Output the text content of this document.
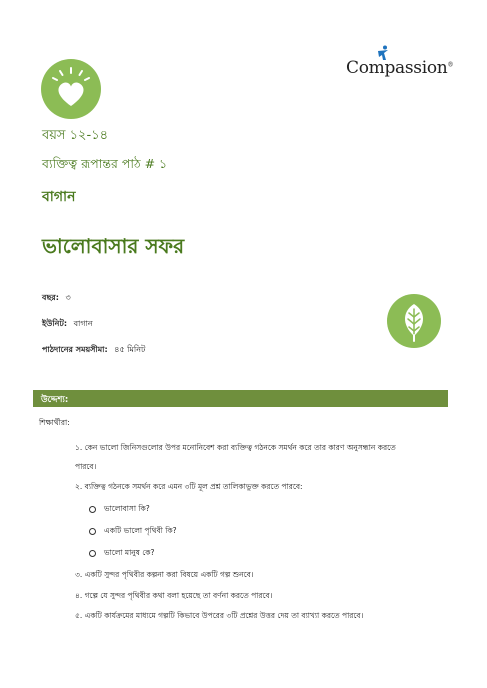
Compassion®
বয়স ১২-১৪
ব্যক্তিত্ব রূপান্তর পাঠ # ১
বাগান
ভালোবাসার সফর
বছর: ৩
ইউনিট: বাগান
পাঠদানের সময়সীমা: ৪৫ মিনিট
উদ্দেশ্য:
শিক্ষার্থীরা:
১. কেন ভালো জিনিসগুলোর উপর মনোনিবেশ করা ব্যক্তিত্ব গঠনকে সমর্থন করে তার কারণ অনুসন্ধান করতে
পারবে।
২. ব্যক্তিত্ব গঠনকে সমর্থন করে এমন ৩টি মূল প্রশ্ন তালিকাভুক্ত করতে পারবে:
ভালোবাসা কি?
একটি ভালো পৃথিবী কি?
ভালো মানুষ কে?
৩. একটি সুন্দর পৃথিবীর কল্পনা করা বিষয়ে একটি গল্প শুনবে।
৪. গল্পে যে সুন্দর পৃথিবীর কথা বলা হয়েছে তা বর্ণনা করতে পারবে।
৫. একটি কার্যক্রমের মাধ্যমে গল্পটি কিভাবে উপরের ৩টি প্রশ্নের উত্তর দেয় তা ব্যাখ্যা করতে পারবে।
